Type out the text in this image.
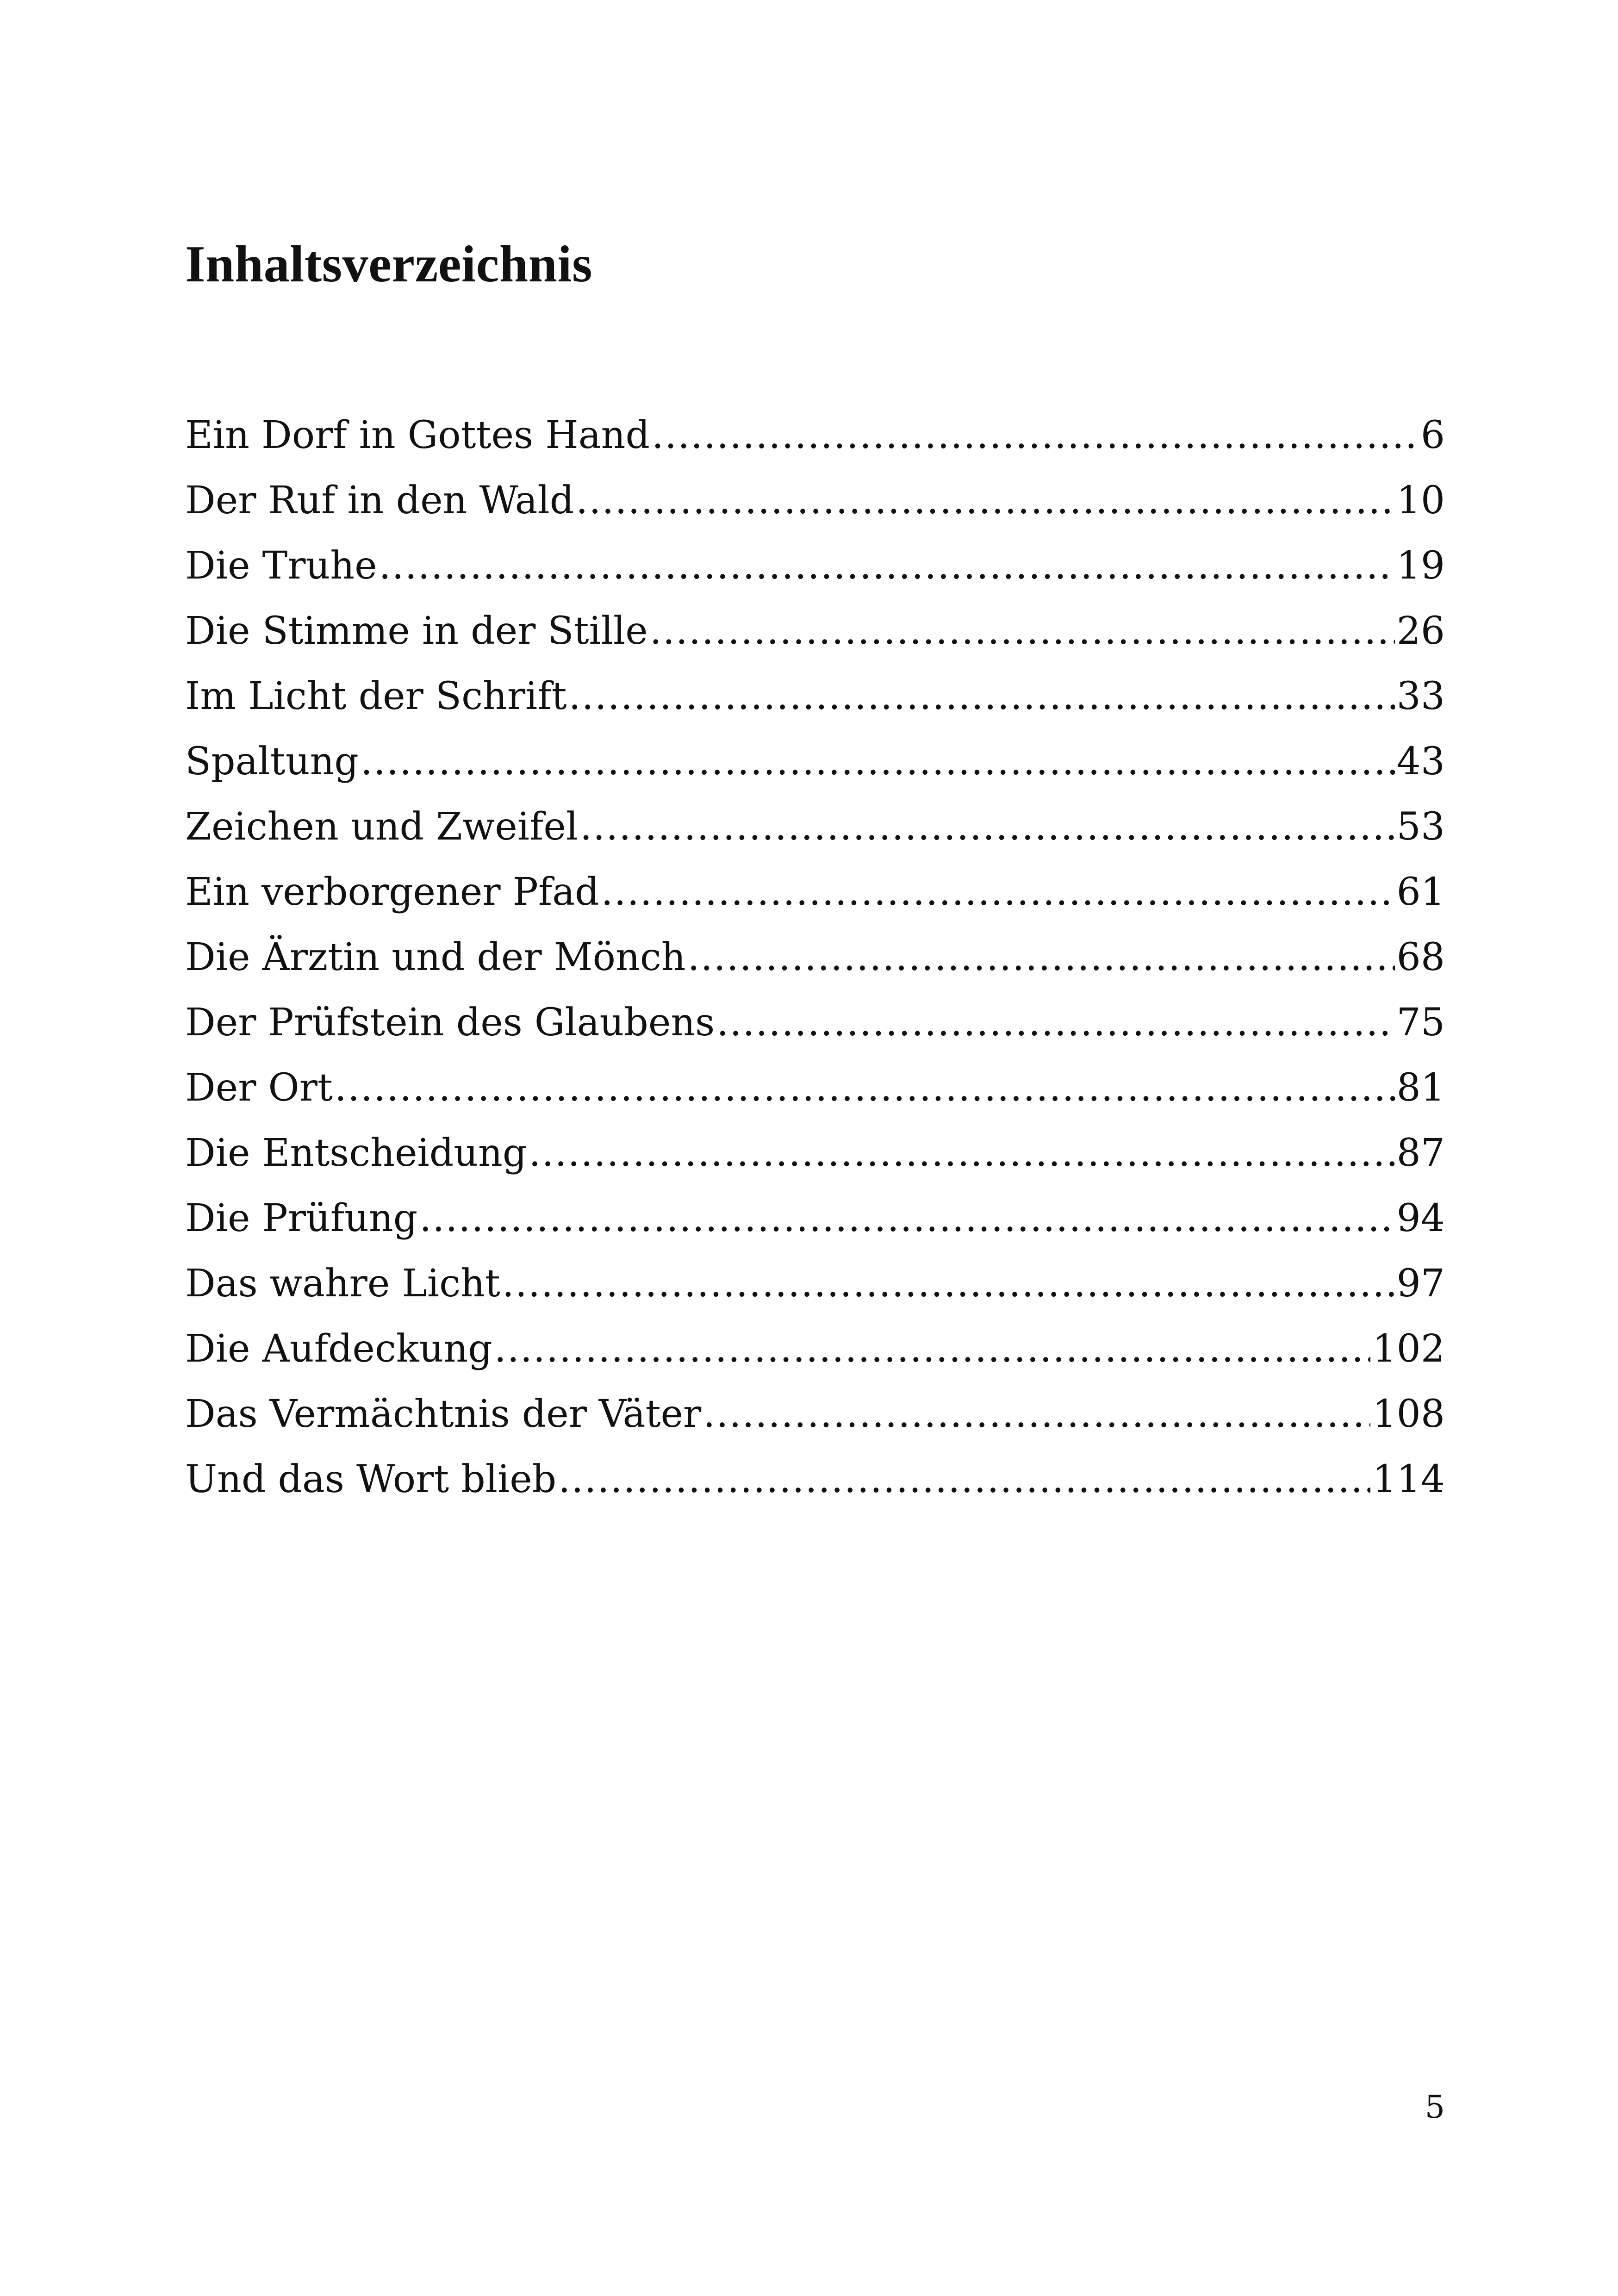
Inhaltsverzeichnis
Ein Dorf in Gottes Hand .....	6
Der Ruf in den Wald .....	10
Die Truhe .....	19
Die Stimme in der Stille .....	26
Im Licht der Schrift .....	33
Spaltung .....	43
Zeichen und Zweifel .....	53
Ein verborgener Pfad .....	61
Die Ärztin und der Mönch .....	68
Der Prüfstein des Glaubens .....	75
Der Ort .....	81
Die Entscheidung .....	87
Die Prüfung .....	94
Das wahre Licht .....	97
Die Aufdeckung .....	102
Das Vermächtnis der Väter .....	108
Und das Wort blieb .....	114

5
